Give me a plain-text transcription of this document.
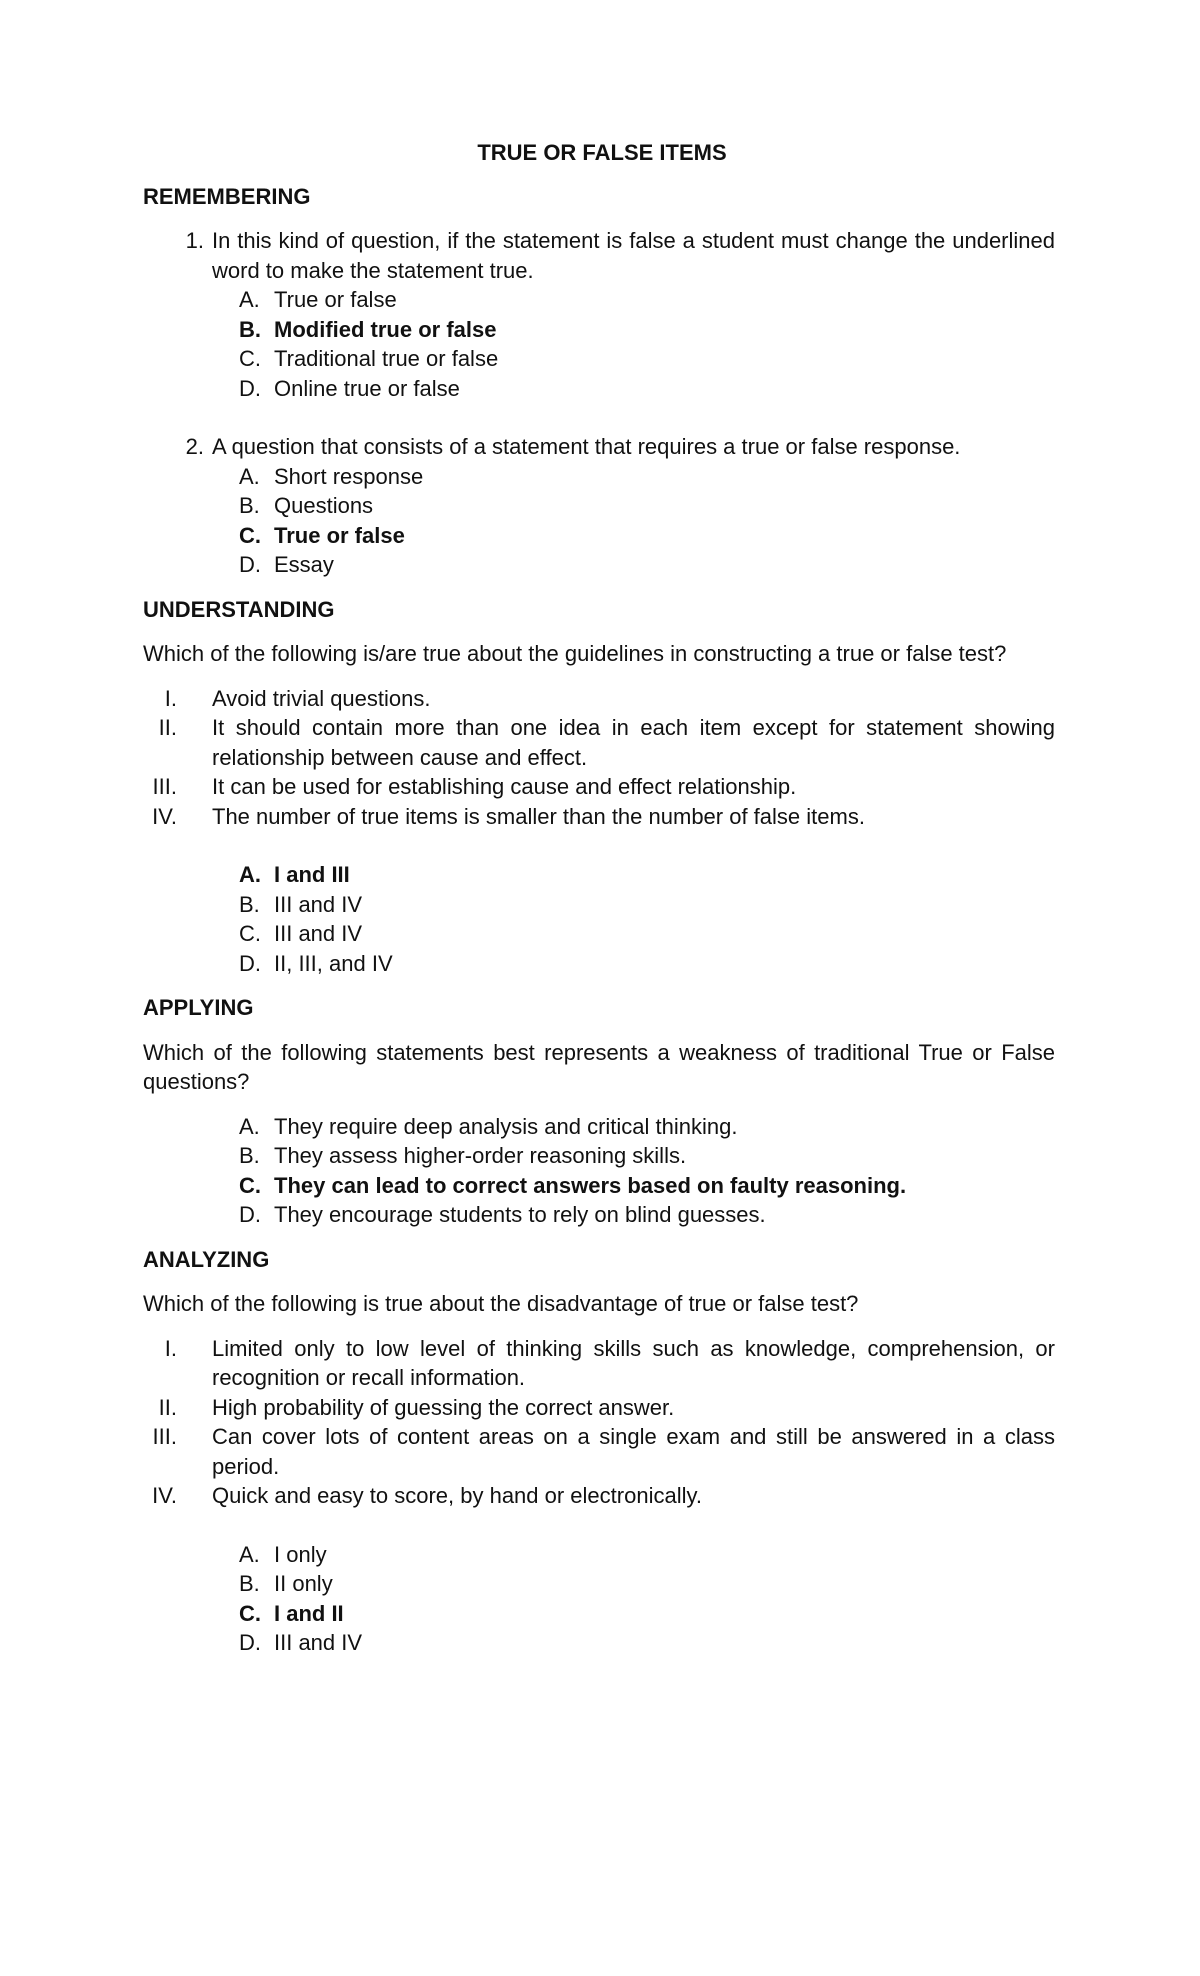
TRUE OR FALSE ITEMS
REMEMBERING
1. In this kind of question, if the statement is false a student must change the underlined word to make the statement true.
A. True or false
B. Modified true or false
C. Traditional true or false
D. Online true or false
2. A question that consists of a statement that requires a true or false response.
A. Short response
B. Questions
C. True or false
D. Essay
UNDERSTANDING
Which of the following is/are true about the guidelines in constructing a true or false test?
I.	Avoid trivial questions.
II.	It should contain more than one idea in each item except for statement showing relationship between cause and effect.
III.	It can be used for establishing cause and effect relationship.
IV.	The number of true items is smaller than the number of false items.
A. I and III
B. III and IV
C. III and IV
D. II, III, and IV
APPLYING
Which of the following statements best represents a weakness of traditional True or False questions?
A. They require deep analysis and critical thinking.
B. They assess higher-order reasoning skills.
C. They can lead to correct answers based on faulty reasoning.
D. They encourage students to rely on blind guesses.
ANALYZING
Which of the following is true about the disadvantage of true or false test?
I.	Limited only to low level of thinking skills such as knowledge, comprehension, or recognition or recall information.
II.	High probability of guessing the correct answer.
III.	Can cover lots of content areas on a single exam and still be answered in a class period.
IV.	Quick and easy to score, by hand or electronically.
A. I only
B. II only
C. I and II
D. III and IV
